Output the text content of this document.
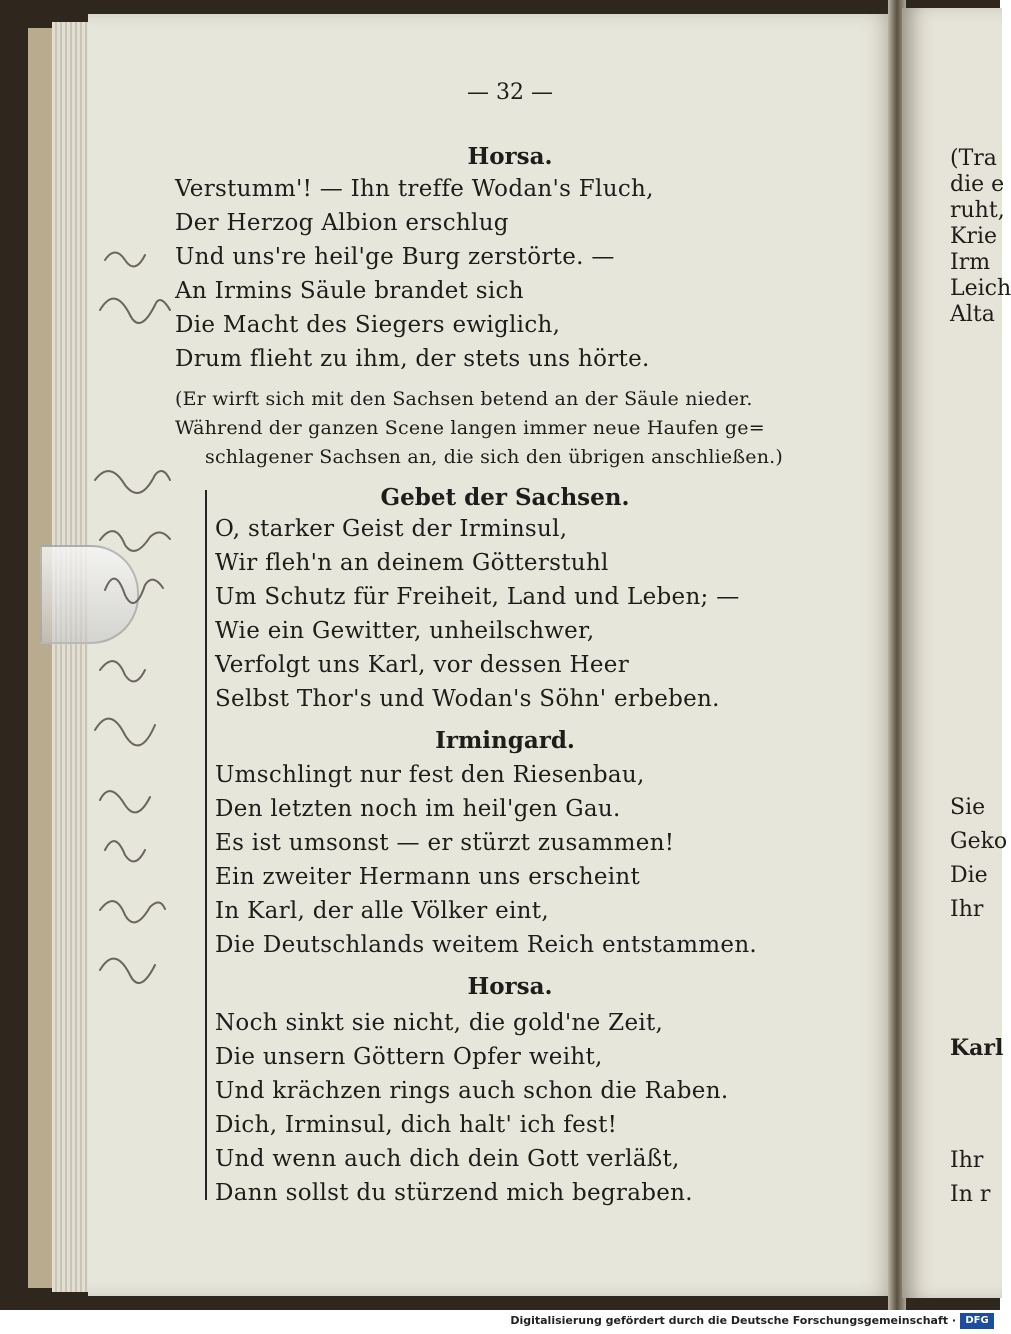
— 32 —
Horsa.
Verstumm'! — Ihn treffe Wodan's Fluch,
Der Herzog Albion erschlug
Und uns're heil'ge Burg zerstörte. —
An Irmins Säule brandet sich
Die Macht des Siegers ewiglich,
Drum flieht zu ihm, der stets uns hörte.
(Er wirft sich mit den Sachsen betend an der Säule nieder.
Während der ganzen Scene langen immer neue Haufen ge=
schlagener Sachsen an, die sich den übrigen anschließen.)
Gebet der Sachsen.
O, starker Geist der Irminsul,
Wir fleh'n an deinem Götterstuhl
Um Schutz für Freiheit, Land und Leben; —
Wie ein Gewitter, unheilschwer,
Verfolgt uns Karl, vor dessen Heer
Selbst Thor's und Wodan's Söhn' erbeben.
Irmingard.
Umschlingt nur fest den Riesenbau,
Den letzten noch im heil'gen Gau.
Es ist umsonst — er stürzt zusammen!
Ein zweiter Hermann uns erscheint
In Karl, der alle Völker eint,
Die Deutschlands weitem Reich entstammen.
Horsa.
Noch sinkt sie nicht, die gold'ne Zeit,
Die unsern Göttern Opfer weiht,
Und krächzen rings auch schon die Raben.
Dich, Irminsul, dich halt' ich fest!
Und wenn auch dich dein Gott verläßt,
Dann sollst du stürzend mich begraben.
(Tra
die e
ruht,
Krie
Irm
Leich
Alta
Sie
Geko
Die
Ihr
Karl
Ihr
In r
Digitalisierung gefördert durch die Deutsche Forschungsgemeinschaft · DFG
